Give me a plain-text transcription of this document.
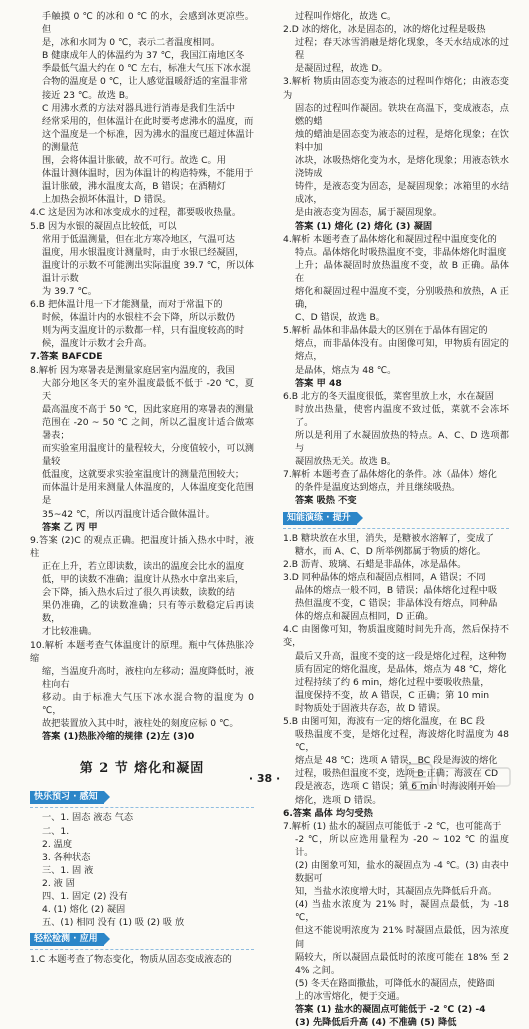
手触摸 0 ℃ 的冰和 0 ℃ 的水，会感到冰更凉些。但
是，冰和水同为 0 ℃，表示二者温度相同。
B 健康成年人的体温约为 37 ℃，我国江南地区冬
季最低气温大约在 0 ℃ 左右，标准大气压下冰水混
合物的温度是 0 ℃，让人感觉温暖舒适的室温非常
接近 23 ℃。故选 B。
C 用沸水煮的方法对器具进行消毒是我们生活中
经常采用的，但体温计在此时要考虑沸水的温度，而
这个温度是一个标准，因为沸水的温度已超过体温计的测量范
围，会将体温计胀破，故不可行。故选 C。用
体温计测体温时，因为体温计的构造特殊，不能用于
温计胀破，沸水温度太高，B 错误；在酒精灯
上加热会损坏体温计，D 错误。
4.C 这是因为冰和冰变成水的过程，都要吸收热量。
5.B 因为水银的凝固点比较低，可以
常用于低温测量，但在北方寒冷地区，气温可达
温度，用水银温度计测量时，由于水银已经凝固，
温度计的示数不可能测出实际温度 39.7 ℃，所以体温计示数
为 39.7 ℃。
6.B 把体温计甩一下才能测量，而对于常温下的
时候，体温计内的水银柱不会下降，所以示数仍
则为两支温度计的示数都一样，只有温度较高的时
候，温度计示数才会升高。
7.答案 BAFCDE
8.解析 因为寒暑表是测量家庭居室内温度的，我国
大部分地区冬天的室外温度最低不低于 -20 ℃，夏天
最高温度不高于 50 ℃，因此家庭用的寒暑表的测量
范围在 -20 ~ 50 ℃ 之间，所以乙温度计适合做寒暑表；
而实验室用温度计的量程较大，分度值较小，可以测量较
低温度，这就要求实验室温度计的测量范围较大；
而体温计是用来测量人体温度的，人体温度变化范围是
35~42 ℃，所以丙温度计适合做体温计。
答案 乙 丙 甲
9.答案 (2)C 的观点正确。把温度计插入热水中时，液柱
正在上升，若立即读数，读出的温度会比水的温度
低，甲的读数不准确；温度计从热水中拿出来后，
会下降，插入热水后过了很久再读数，读数的结
果仍准确，乙的读数准确；只有等示数稳定后再读数，
才比较准确。
10.解析 本题考查气体温度计的原理。瓶中气体热胀冷缩
缩，当温度升高时，液柱向左移动；温度降低时，液柱向右
移动。由于标准大气压下冰水混合物的温度为 0 ℃，
故把装置放入其中时，液柱处的刻度应标 0 ℃。
答案 (1)热胀冷缩的规律 (2)左 (3)0
第 2 节 熔化和凝固
快乐预习 · 感知
一、1. 固态 液态 气态
二、1.
2. 温度
3. 各种状态
三、1. 固 液
2. 液 固
四、1. 固定 (2) 没有
4. (1) 熔化 (2) 凝固
五、(1) 相同 没有 (1) 吸 (2) 吸 放
轻松检测 · 应用
1.C 本题考查了物态变化，物质从固态变成液态的
过程叫作熔化，故选 C。
2.D 冰的熔化，冰是固态的，冰的熔化过程是吸热
过程；春天冰雪消融是熔化现象，冬天水结成冰的过程
是凝固过程，故选 D。
3.解析 物质由固态变为液态的过程叫作熔化；由液态变为
固态的过程叫作凝固。铁块在高温下，变成液态，点燃的蜡
烛的蜡油是固态变为液态的过程，是熔化现象；在饮料中加
冰块，冰吸热熔化变为水，是熔化现象；用液态铁水浇铸成
铸件，是液态变为固态，是凝固现象；冰箱里的水结成冰，
是由液态变为固态，属于凝固现象。
答案 (1) 熔化 (2) 熔化 (3) 凝固
4.解析 本题考查了晶体熔化和凝固过程中温度变化的
特点。晶体熔化时吸热温度不变，非晶体熔化时温度
上升；晶体凝固时放热温度不变，故 B 正确。晶体在
熔化和凝固过程中温度不变，分别吸热和放热，A 正确，
C、D 错误，故选 B。
5.解析 晶体和非晶体最大的区别在于晶体有固定的
熔点，而非晶体没有。由图像可知，甲物质有固定的熔点，
是晶体，熔点为 48 ℃。
答案 甲 48
6.B 北方的冬天温度很低，菜窖里放上水，水在凝固
时放出热量，使窖内温度不致过低，菜就不会冻坏了。
所以是利用了水凝固放热的特点。A、C、D 选项都与
凝固放热无关。故选 B。
7.解析 本题考查了晶体熔化的条件。冰（晶体）熔化
的条件是温度达到熔点，并且继续吸热。
答案 吸热 不变
知能演练 · 提升
1.B 糖块放在水里，消失，是糖被水溶解了，变成了
糖水，而 A、C、D 所举例都属于物质的熔化。
2.B 沥青、玻璃、石蜡是非晶体，冰是晶体。
3.D 同种晶体的熔点和凝固点相同，A 错误；不同
晶体的熔点一般不同，B 错误；晶体熔化过程中吸
热但温度不变，C 错误；非晶体没有熔点，同种晶
体的熔点和凝固点相同，D 正确。
4.C 由图像可知，物质温度随时间先升高，然后保持不变，
最后又升高，温度不变的这一段是熔化过程，这种物
质有固定的熔化温度，是晶体，熔点为 48 ℃，熔化
过程持续了约 6 min，熔化过程中要吸收热量，
温度保持不变，故 A 错误，C 正确；第 10 min
时物质处于固液共存态，故 D 错误。
5.B 由图可知，海波有一定的熔化温度，在 BC 段
吸热温度不变，是熔化过程，海波熔化时温度为 48 ℃，
熔点是 48 ℃；选项 A 错误，BC 段是海波的熔化
过程，吸热但温度不变，选项 B 正确；海波在 CD
段是液态，选项 C 错误；第 6 min 时海波刚开始
熔化，选项 D 错误。
6.答案 晶体 均匀受热
7.解析 (1) 盐水的凝固点可能低于 -2 ℃，也可能高于
-2 ℃，所以应选用量程为 -20 ~ 102 ℃ 的温度计。
(2) 由图象可知，盐水的凝固点为 -4 ℃。(3) 由表中数据可
知，当盐水浓度增大时，其凝固点先降低后升高。
(4) 当盐水浓度为 21% 时，凝固点最低，为 -18 ℃，
但这不能说明浓度为 21% 时凝固点最低，因为浓度间
隔较大，所以凝固点最低时的浓度可能在 18% 至 24% 之间。
(5) 冬天在路面撒盐，可降低水的凝固点，使路面
上的冰雪熔化，便于交通。
答案 (1) 盐水的凝固点可能低于 -2 ℃ (2) -4
(3) 先降低后升高 (4) 不准确 (5) 降低
· 38 ·
